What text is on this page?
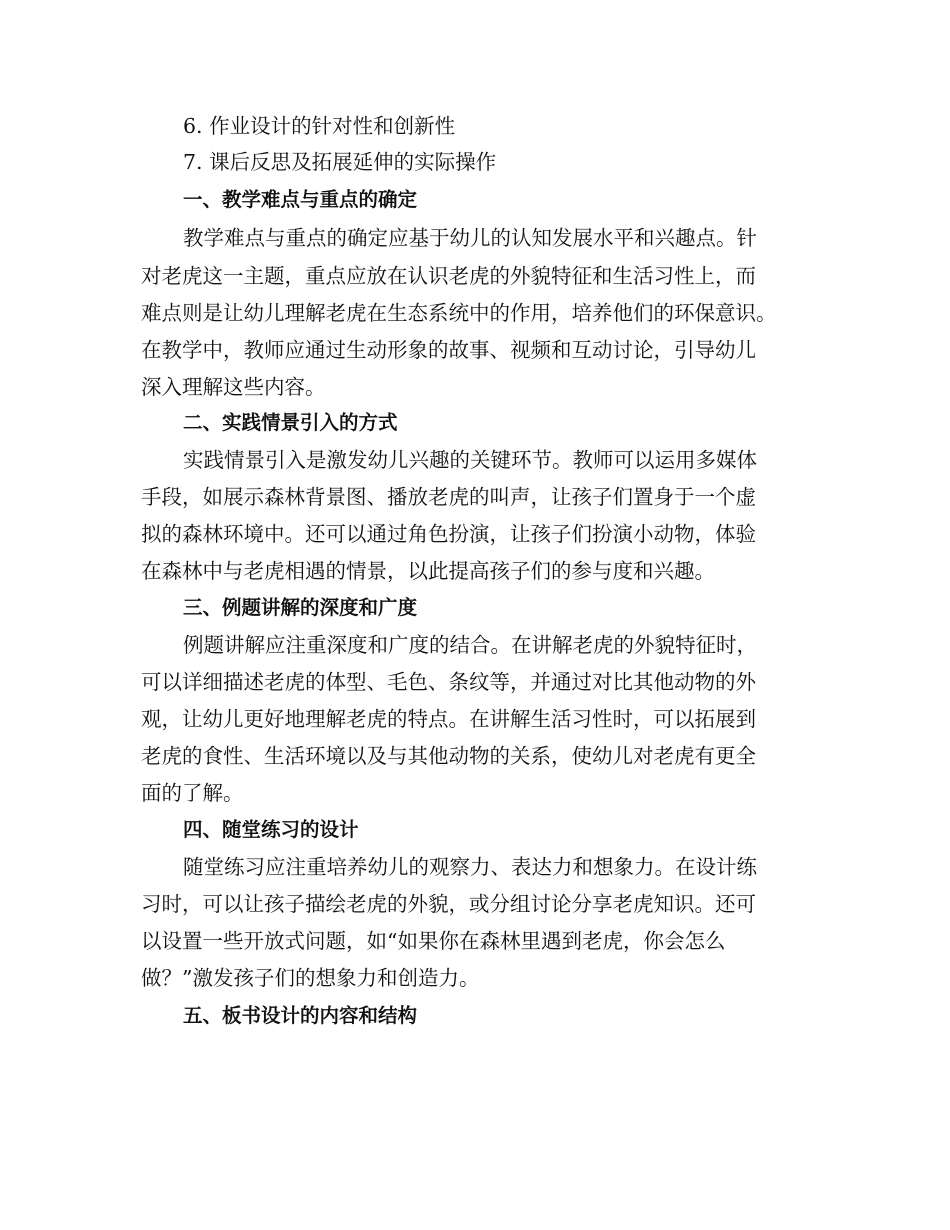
6. 作业设计的针对性和创新性
7. 课后反思及拓展延伸的实际操作
一、教学难点与重点的确定
教学难点与重点的确定应基于幼儿的认知发展水平和兴趣点。针
对老虎这一主题，重点应放在认识老虎的外貌特征和生活习性上，而
难点则是让幼儿理解老虎在生态系统中的作用，培养他们的环保意识。
在教学中，教师应通过生动形象的故事、视频和互动讨论，引导幼儿
深入理解这些内容。
二、实践情景引入的方式
实践情景引入是激发幼儿兴趣的关键环节。教师可以运用多媒体
手段，如展示森林背景图、播放老虎的叫声，让孩子们置身于一个虚
拟的森林环境中。还可以通过角色扮演，让孩子们扮演小动物，体验
在森林中与老虎相遇的情景，以此提高孩子们的参与度和兴趣。
三、例题讲解的深度和广度
例题讲解应注重深度和广度的结合。在讲解老虎的外貌特征时，
可以详细描述老虎的体型、毛色、条纹等，并通过对比其他动物的外
观，让幼儿更好地理解老虎的特点。在讲解生活习性时，可以拓展到
老虎的食性、生活环境以及与其他动物的关系，使幼儿对老虎有更全
面的了解。
四、随堂练习的设计
随堂练习应注重培养幼儿的观察力、表达力和想象力。在设计练
习时，可以让孩子描绘老虎的外貌，或分组讨论分享老虎知识。还可
以设置一些开放式问题，如“如果你在森林里遇到老虎，你会怎么
做？”激发孩子们的想象力和创造力。
五、板书设计的内容和结构
